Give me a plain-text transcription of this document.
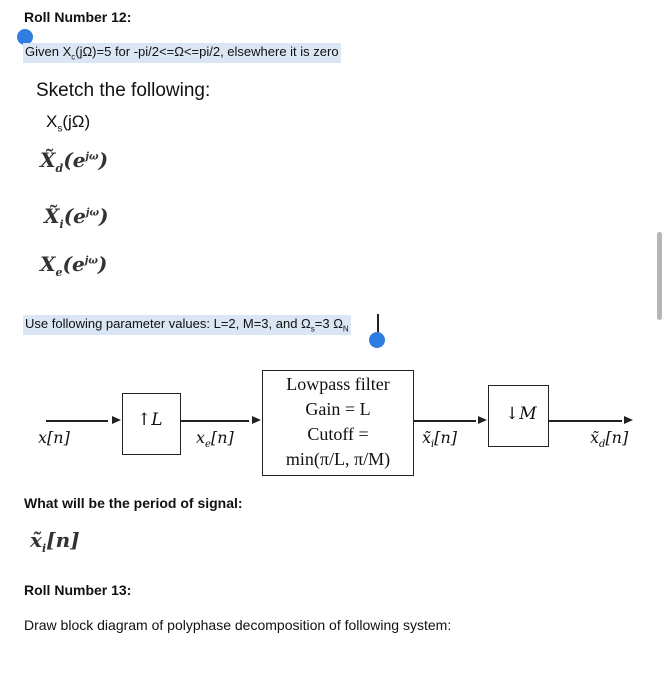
Roll Number 12:
Given $X_c(j\Omega)=5$ for -pi/2<=Ω<=pi/2, elsewhere it is zero
Sketch the following:
$X_s(j\Omega)$
$X̃_d(e^{j\omega})$
$X̃_i(e^{j\omega})$
$X_e(e^{j\omega})$
Use following parameter values: L=2, M=3, and $\Omega_s=3$ $\Omega_N$
x[n]
↑L
$x_e[n]$
Lowpass filter
Gain = L
Cutoff =
min(π/L, π/M)
$x̃_i[n]$
↓M
$x̃_d[n]$
What will be the period of signal:
$x̃_i[n]$
Roll Number 13:
Draw block diagram of polyphase decomposition of following system:
